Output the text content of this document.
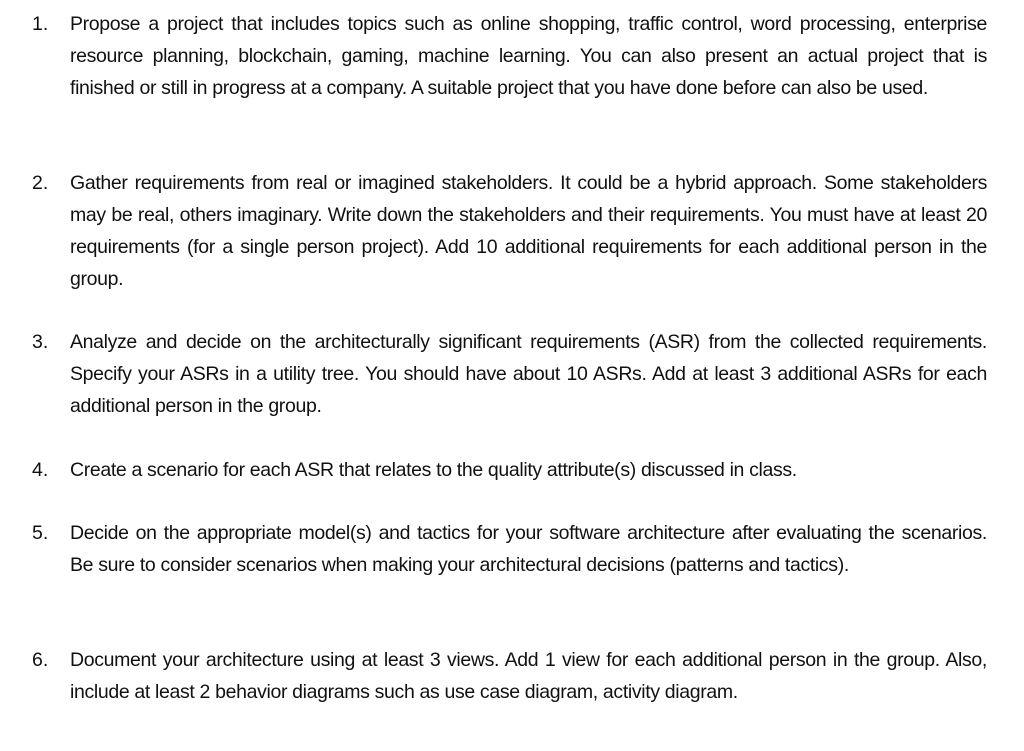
1.	Propose a project that includes topics such as online shopping, traffic control, word processing, enterprise resource planning, blockchain, gaming, machine learning. You can also present an actual project that is finished or still in progress at a company. A suitable project that you have done before can also be used.
2.	Gather requirements from real or imagined stakeholders. It could be a hybrid approach. Some stakeholders may be real, others imaginary. Write down the stakeholders and their requirements. You must have at least 20 requirements (for a single person project). Add 10 additional requirements for each additional person in the group.
3.	Analyze and decide on the architecturally significant requirements (ASR) from the collected requirements. Specify your ASRs in a utility tree. You should have about 10 ASRs. Add at least 3 additional ASRs for each additional person in the group.
4.	Create a scenario for each ASR that relates to the quality attribute(s) discussed in class.
5.	Decide on the appropriate model(s) and tactics for your software architecture after evaluating the scenarios. Be sure to consider scenarios when making your architectural decisions (patterns and tactics).
6.	Document your architecture using at least 3 views. Add 1 view for each additional person in the group. Also, include at least 2 behavior diagrams such as use case diagram, activity diagram.
